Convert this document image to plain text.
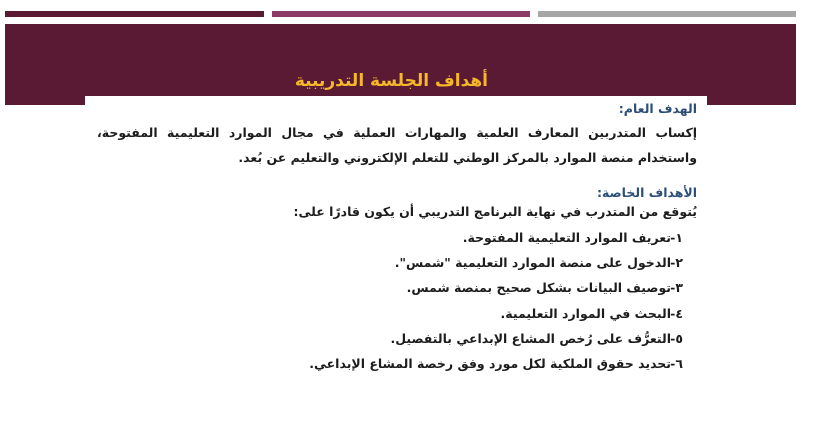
أهداف الجلسة التدريبية
الهدف العام:
إكساب المتدربين المعارف العلمية والمهارات العملية في مجال الموارد التعليمية المفتوحة، واستخدام منصة الموارد بالمركز الوطني للتعلم الإلكتروني والتعليم عن بُعد.
الأهداف الخاصة:
يُتوقع من المتدرب في نهاية البرنامج التدريبي أن يكون قادرًا على:
١-
تعريف الموارد التعليمية المفتوحة.
٢-
الدخول على منصة الموارد التعليمية "شمس".
٣-
توصيف البيانات بشكل صحيح بمنصة شمس.
٤-
البحث في الموارد التعليمية.
٥-
التعرُّف على رُخص المشاع الإبداعي بالتفصيل.
٦-
تحديد حقوق الملكية لكل مورد وفق رخصة المشاع الإبداعي.
